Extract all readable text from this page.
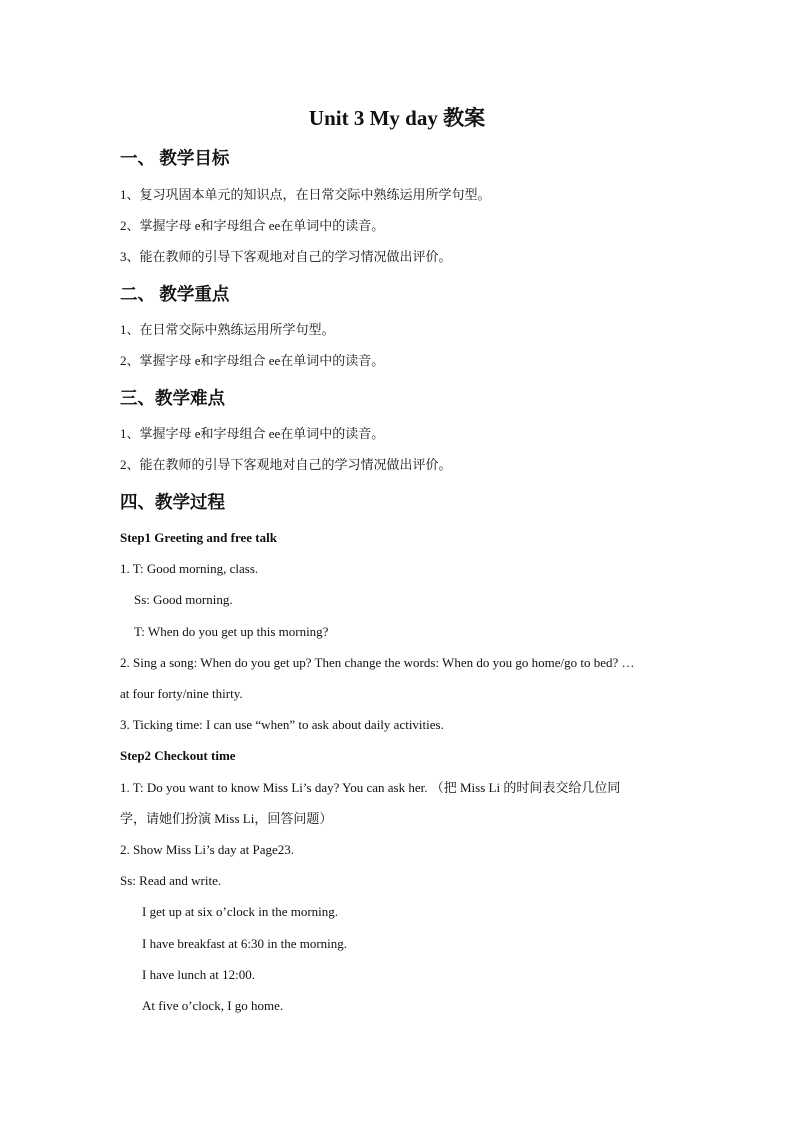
Unit 3 My day 教案
一、 教学目标
1、复习巩固本单元的知识点，在日常交际中熟练运用所学句型。
2、掌握字母 e和字母组合 ee在单词中的读音。
3、能在教师的引导下客观地对自己的学习情况做出评价。
二、 教学重点
1、在日常交际中熟练运用所学句型。
2、掌握字母 e和字母组合 ee在单词中的读音。
三、教学难点
1、掌握字母 e和字母组合 ee在单词中的读音。
2、能在教师的引导下客观地对自己的学习情况做出评价。
四、教学过程
Step1 Greeting and free talk
1. T: Good morning, class.
Ss: Good morning.
T: When do you get up this morning?
2. Sing a song: When do you get up? Then change the words: When do you go home/go to bed? …
at four forty/nine thirty.
3. Ticking time: I can use “when” to ask about daily activities.
Step2 Checkout time
1. T: Do you want to know Miss Li’s day? You can ask her. （把 Miss Li 的时间表交给几位同
学，请她们扮演 Miss Li，回答问题）
2. Show Miss Li’s day at Page23.
Ss: Read and write.
I get up at six o’clock in the morning.
I have breakfast at 6:30 in the morning.
I have lunch at 12:00.
At five o’clock, I go home.
